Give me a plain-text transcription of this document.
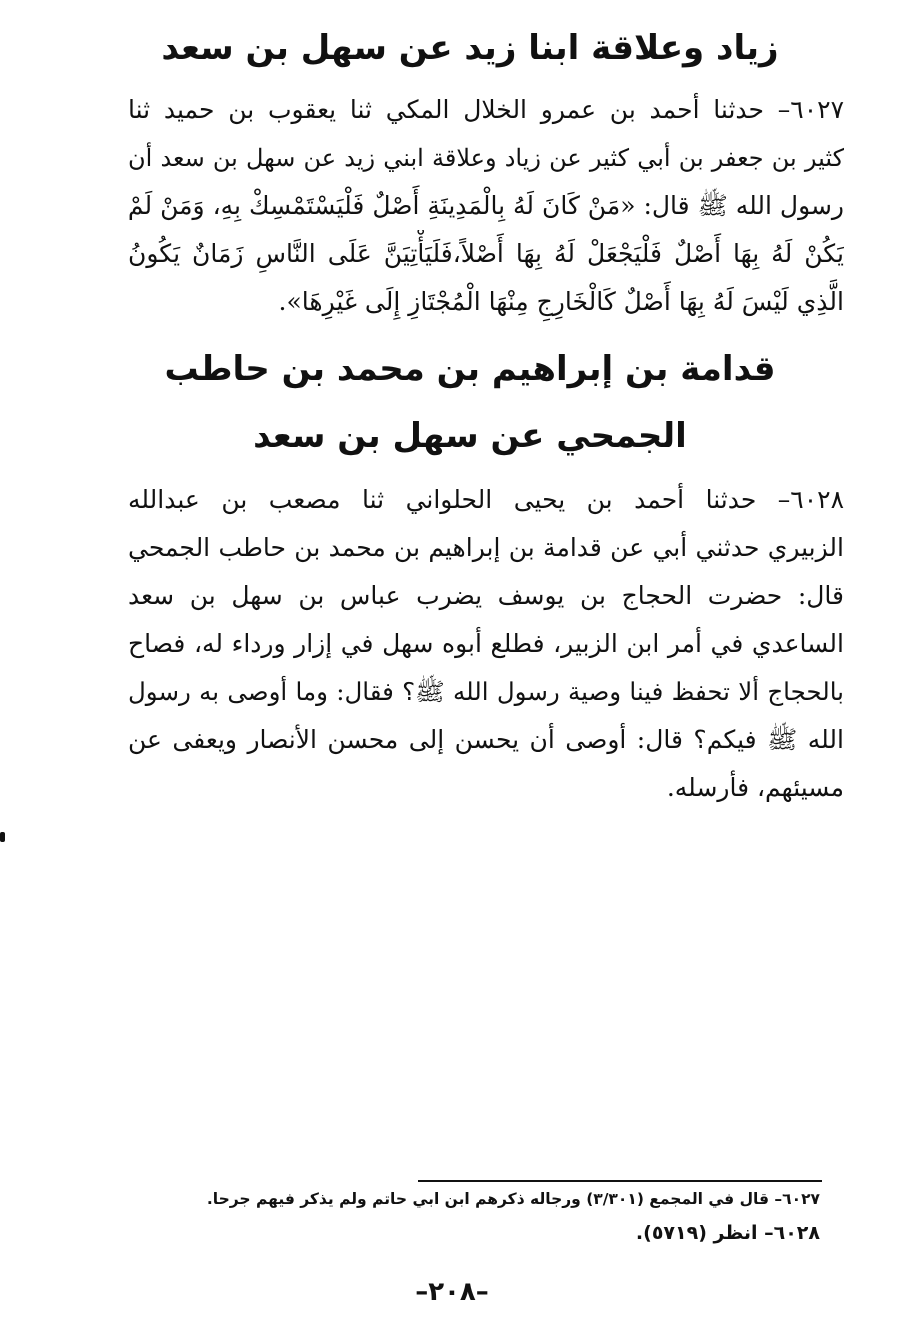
زياد وعلاقة ابنا زيد عن سهل بن سعد
٦٠٢٧– حدثنا أحمد بن عمرو الخلال المكي ثنا يعقوب بن حميد ثنا
كثير بن جعفر بن أبي كثير عن زياد وعلاقة ابني زيد عن سهل بن سعد أن
رسول الله ﷺ قال: «مَنْ كَانَ لَهُ بِالْمَدِينَةِ أَصْلٌ فَلْيَسْتَمْسِكْ بِهِ، وَمَنْ لَمْ
يَكُنْ لَهُ بِهَا أَصْلٌ فَلْيَجْعَلْ لَهُ بِهَا أَصْلاً،فَلَيَأْتِيَنَّ عَلَى النَّاسِ زَمَانٌ يَكُونُ
الَّذِي لَيْسَ لَهُ بِهَا أَصْلٌ كَالْخَارِجِ مِنْهَا الْمُجْتَازِ إِلَى غَيْرِهَا».
قدامة بن إبراهيم بن محمد بن حاطب
الجمحي عن سهل بن سعد
٦٠٢٨– حدثنا أحمد بن يحيى الحلواني ثنا مصعب بن عبدالله
الزبيري حدثني أبي عن قدامة بن إبراهيم بن محمد بن حاطب الجمحي
قال: حضرت الحجاج بن يوسف يضرب عباس بن سهل بن سعد
الساعدي في أمر ابن الزبير، فطلع أبوه سهل في إزار ورداء له، فصاح
بالحجاج ألا تحفظ فينا وصية رسول الله ﷺ؟ فقال: وما أوصى به رسول
الله ﷺ فيكم؟ قال: أوصى أن يحسن إلى محسن الأنصار ويعفى عن
مسيئهم، فأرسله.
٦٠٢٧– قال في المجمع (٣/٣٠١) ورجاله ذكرهم ابن ابي حاتم ولم يذكر فيهم جرحا.
٦٠٢٨– انظر (٥٧١٩).
–٢٠٨–
